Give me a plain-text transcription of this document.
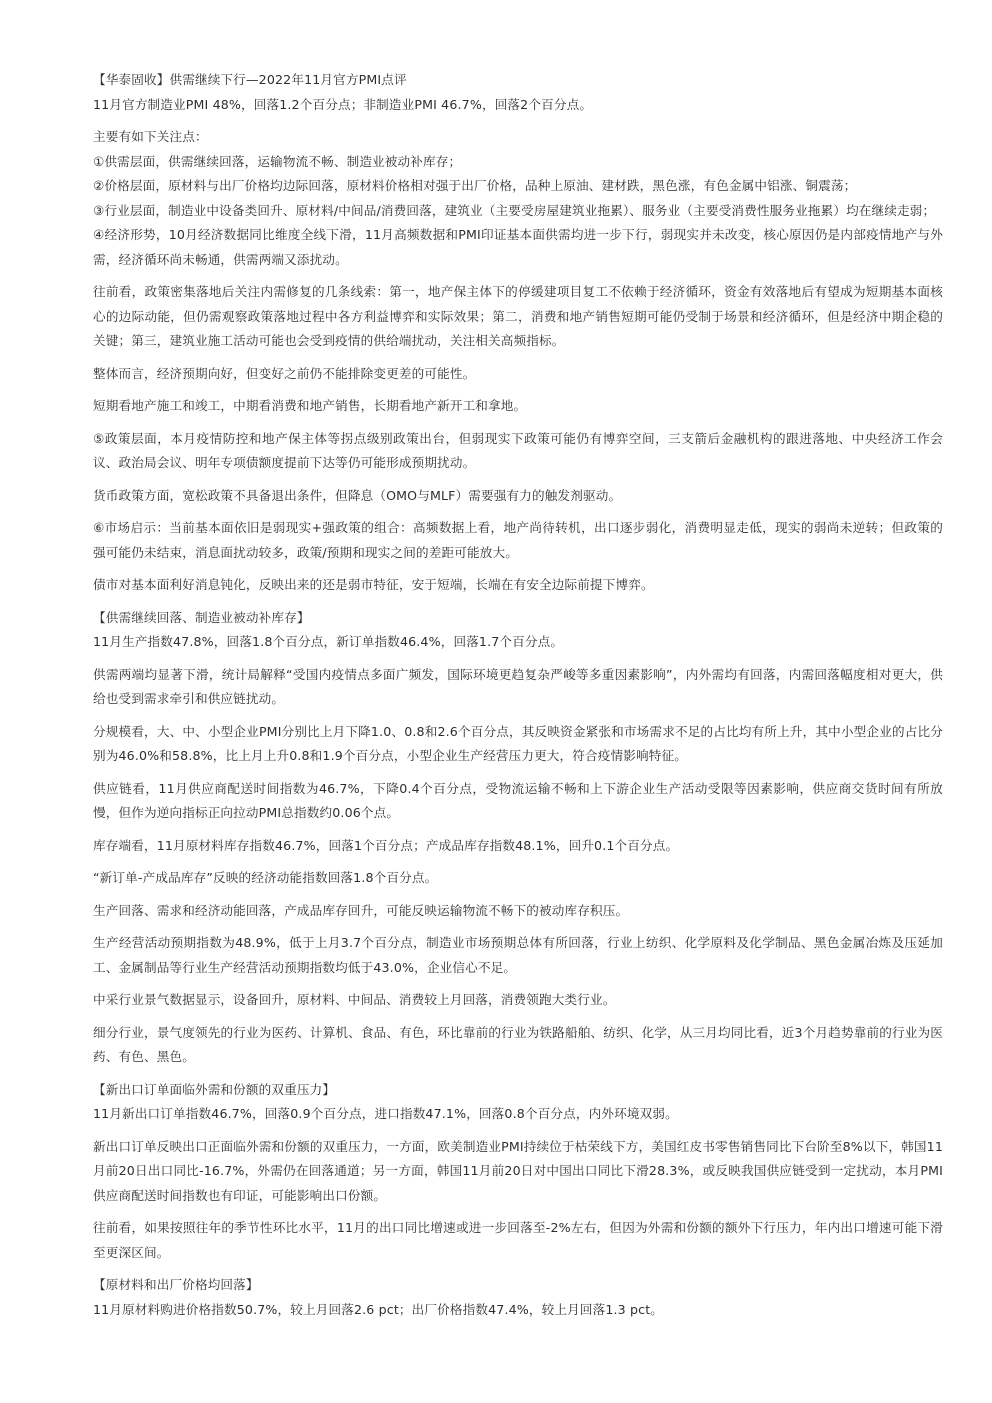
【华泰固收】供需继续下行—2022年11月官方PMI点评
11月官方制造业PMI 48%，回落1.2个百分点；非制造业PMI 46.7%，回落2个百分点。
主要有如下关注点：
①供需层面，供需继续回落，运输物流不畅、制造业被动补库存；
②价格层面，原材料与出厂价格均边际回落，原材料价格相对强于出厂价格，品种上原油、建材跌，黑色涨，有色金属中铝涨、铜震荡；
③行业层面，制造业中设备类回升、原材料/中间品/消费回落，建筑业（主要受房屋建筑业拖累）、服务业（主要受消费性服务业拖累）均在继续走弱；
④经济形势，10月经济数据同比维度全线下滑，11月高频数据和PMI印证基本面供需均进一步下行，弱现实并未改变，核心原因仍是内部疫情地产与外需，经济循环尚未畅通，供需两端又添扰动。
往前看，政策密集落地后关注内需修复的几条线索：第一，地产保主体下的停缓建项目复工不依赖于经济循环，资金有效落地后有望成为短期基本面核心的边际动能，但仍需观察政策落地过程中各方利益博弈和实际效果；第二，消费和地产销售短期可能仍受制于场景和经济循环，但是经济中期企稳的关键；第三，建筑业施工活动可能也会受到疫情的供给端扰动，关注相关高频指标。
整体而言，经济预期向好，但变好之前仍不能排除变更差的可能性。
短期看地产施工和竣工，中期看消费和地产销售，长期看地产新开工和拿地。
⑤政策层面，本月疫情防控和地产保主体等拐点级别政策出台，但弱现实下政策可能仍有博弈空间，三支箭后金融机构的跟进落地、中央经济工作会议、政治局会议、明年专项债额度提前下达等仍可能形成预期扰动。
货币政策方面，宽松政策不具备退出条件，但降息（OMO与MLF）需要强有力的触发剂驱动。
⑥市场启示：当前基本面依旧是弱现实+强政策的组合：高频数据上看，地产尚待转机，出口逐步弱化，消费明显走低，现实的弱尚未逆转；但政策的强可能仍未结束，消息面扰动较多，政策/预期和现实之间的差距可能放大。
债市对基本面利好消息钝化，反映出来的还是弱市特征，安于短端，长端在有安全边际前提下博弈。
【供需继续回落、制造业被动补库存】
11月生产指数47.8%，回落1.8个百分点，新订单指数46.4%，回落1.7个百分点。
供需两端均显著下滑，统计局解释“受国内疫情点多面广频发，国际环境更趋复杂严峻等多重因素影响”，内外需均有回落，内需回落幅度相对更大，供给也受到需求牵引和供应链扰动。
分规模看，大、中、小型企业PMI分别比上月下降1.0、0.8和2.6个百分点，其反映资金紧张和市场需求不足的占比均有所上升，其中小型企业的占比分别为46.0%和58.8%，比上月上升0.8和1.9个百分点，小型企业生产经营压力更大，符合疫情影响特征。
供应链看，11月供应商配送时间指数为46.7%，下降0.4个百分点，受物流运输不畅和上下游企业生产活动受限等因素影响，供应商交货时间有所放慢，但作为逆向指标正向拉动PMI总指数约0.06个点。
库存端看，11月原材料库存指数46.7%，回落1个百分点；产成品库存指数48.1%，回升0.1个百分点。
“新订单-产成品库存”反映的经济动能指数回落1.8个百分点。
生产回落、需求和经济动能回落，产成品库存回升，可能反映运输物流不畅下的被动库存积压。
生产经营活动预期指数为48.9%，低于上月3.7个百分点，制造业市场预期总体有所回落，行业上纺织、化学原料及化学制品、黑色金属冶炼及压延加工、金属制品等行业生产经营活动预期指数均低于43.0%，企业信心不足。
中采行业景气数据显示，设备回升，原材料、中间品、消费较上月回落，消费领跑大类行业。
细分行业，景气度领先的行业为医药、计算机、食品、有色，环比靠前的行业为铁路船舶、纺织、化学，从三月均同比看，近3个月趋势靠前的行业为医药、有色、黑色。
【新出口订单面临外需和份额的双重压力】
11月新出口订单指数46.7%，回落0.9个百分点，进口指数47.1%，回落0.8个百分点，内外环境双弱。
新出口订单反映出口正面临外需和份额的双重压力，一方面，欧美制造业PMI持续位于枯荣线下方，美国红皮书零售销售同比下台阶至8%以下，韩国11月前20日出口同比-16.7%，外需仍在回落通道；另一方面，韩国11月前20日对中国出口同比下滑28.3%，或反映我国供应链受到一定扰动，本月PMI供应商配送时间指数也有印证，可能影响出口份额。
往前看，如果按照往年的季节性环比水平，11月的出口同比增速或进一步回落至-2%左右，但因为外需和份额的额外下行压力，年内出口增速可能下滑至更深区间。
【原材料和出厂价格均回落】
11月原材料购进价格指数50.7%，较上月回落2.6 pct；出厂价格指数47.4%，较上月回落1.3 pct。
